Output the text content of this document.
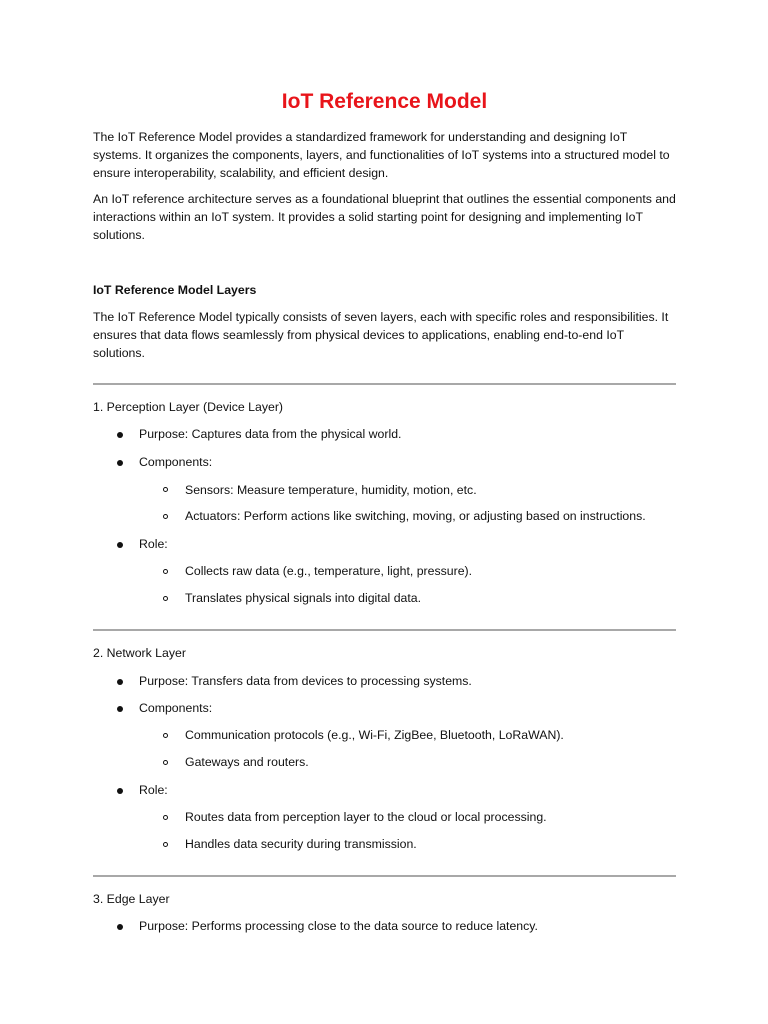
IoT Reference Model

The IoT Reference Model provides a standardized framework for understanding and designing IoT systems. It organizes the components, layers, and functionalities of IoT systems into a structured model to ensure interoperability, scalability, and efficient design.

An IoT reference architecture serves as a foundational blueprint that outlines the essential components and interactions within an IoT system. It provides a solid starting point for designing and implementing IoT solutions.

IoT Reference Model Layers

The IoT Reference Model typically consists of seven layers, each with specific roles and responsibilities. It ensures that data flows seamlessly from physical devices to applications, enabling end-to-end IoT solutions.

1. Perception Layer (Device Layer)
Purpose: Captures data from the physical world.
Components:
Sensors: Measure temperature, humidity, motion, etc.
Actuators: Perform actions like switching, moving, or adjusting based on instructions.
Role:
Collects raw data (e.g., temperature, light, pressure).
Translates physical signals into digital data.
2. Network Layer
Purpose: Transfers data from devices to processing systems.
Components:
Communication protocols (e.g., Wi-Fi, ZigBee, Bluetooth, LoRaWAN).
Gateways and routers.
Role:
Routes data from perception layer to the cloud or local processing.
Handles data security during transmission.
3. Edge Layer
Purpose: Performs processing close to the data source to reduce latency.
